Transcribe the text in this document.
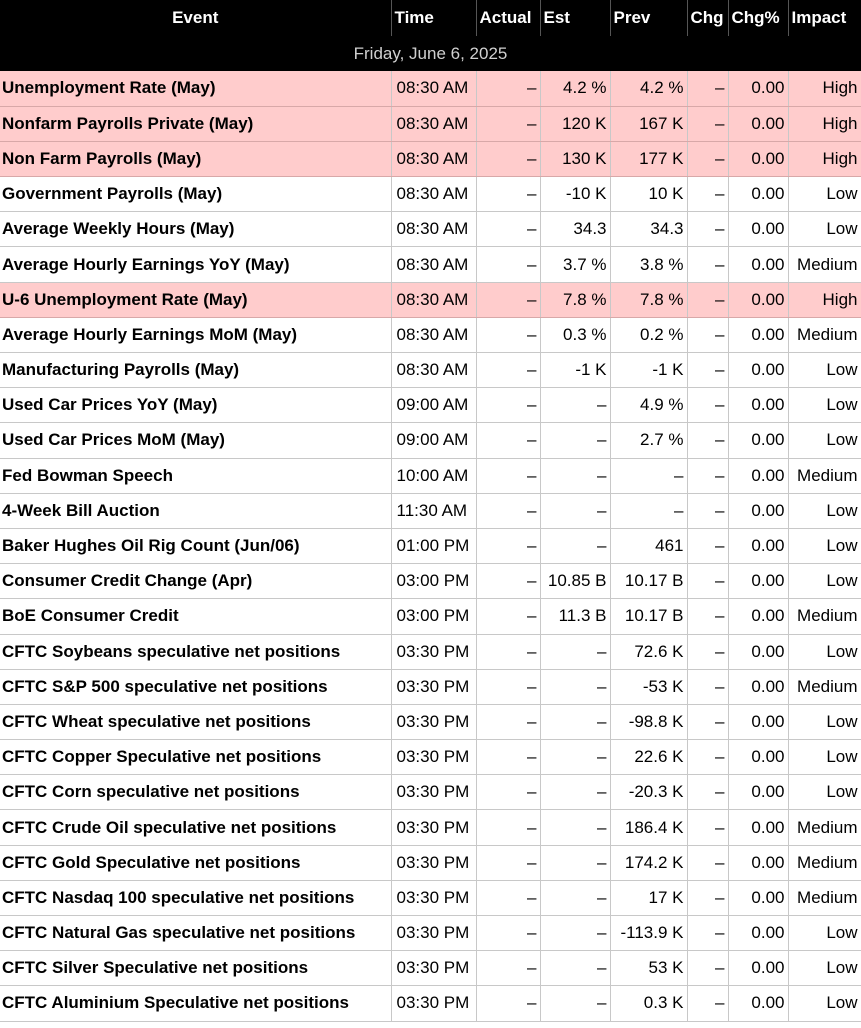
Event	Time	Actual	Est	Prev	Chg	Chg%	Impact
Friday, June 6, 2025							
Unemployment Rate (May)	08:30 AM	–	4.2 %	4.2 %	–	0.00	High
Nonfarm Payrolls Private (May)	08:30 AM	–	120 K	167 K	–	0.00	High
Non Farm Payrolls (May)	08:30 AM	–	130 K	177 K	–	0.00	High
Government Payrolls (May)	08:30 AM	–	-10 K	10 K	–	0.00	Low
Average Weekly Hours (May)	08:30 AM	–	34.3	34.3	–	0.00	Low
Average Hourly Earnings YoY (May)	08:30 AM	–	3.7 %	3.8 %	–	0.00	Medium
U-6 Unemployment Rate (May)	08:30 AM	–	7.8 %	7.8 %	–	0.00	High
Average Hourly Earnings MoM (May)	08:30 AM	–	0.3 %	0.2 %	–	0.00	Medium
Manufacturing Payrolls (May)	08:30 AM	–	-1 K	-1 K	–	0.00	Low
Used Car Prices YoY (May)	09:00 AM	–	–	4.9 %	–	0.00	Low
Used Car Prices MoM (May)	09:00 AM	–	–	2.7 %	–	0.00	Low
Fed Bowman Speech	10:00 AM	–	–	–	–	0.00	Medium
4-Week Bill Auction	11:30 AM	–	–	–	–	0.00	Low
Baker Hughes Oil Rig Count (Jun/06)	01:00 PM	–	–	461	–	0.00	Low
Consumer Credit Change (Apr)	03:00 PM	–	10.85 B	10.17 B	–	0.00	Low
BoE Consumer Credit	03:00 PM	–	11.3 B	10.17 B	–	0.00	Medium
CFTC Soybeans speculative net positions	03:30 PM	–	–	72.6 K	–	0.00	Low
CFTC S&P 500 speculative net positions	03:30 PM	–	–	-53 K	–	0.00	Medium
CFTC Wheat speculative net positions	03:30 PM	–	–	-98.8 K	–	0.00	Low
CFTC Copper Speculative net positions	03:30 PM	–	–	22.6 K	–	0.00	Low
CFTC Corn speculative net positions	03:30 PM	–	–	-20.3 K	–	0.00	Low
CFTC Crude Oil speculative net positions	03:30 PM	–	–	186.4 K	–	0.00	Medium
CFTC Gold Speculative net positions	03:30 PM	–	–	174.2 K	–	0.00	Medium
CFTC Nasdaq 100 speculative net positions	03:30 PM	–	–	17 K	–	0.00	Medium
CFTC Natural Gas speculative net positions	03:30 PM	–	–	-113.9 K	–	0.00	Low
CFTC Silver Speculative net positions	03:30 PM	–	–	53 K	–	0.00	Low
CFTC Aluminium Speculative net positions	03:30 PM	–	–	0.3 K	–	0.00	Low
